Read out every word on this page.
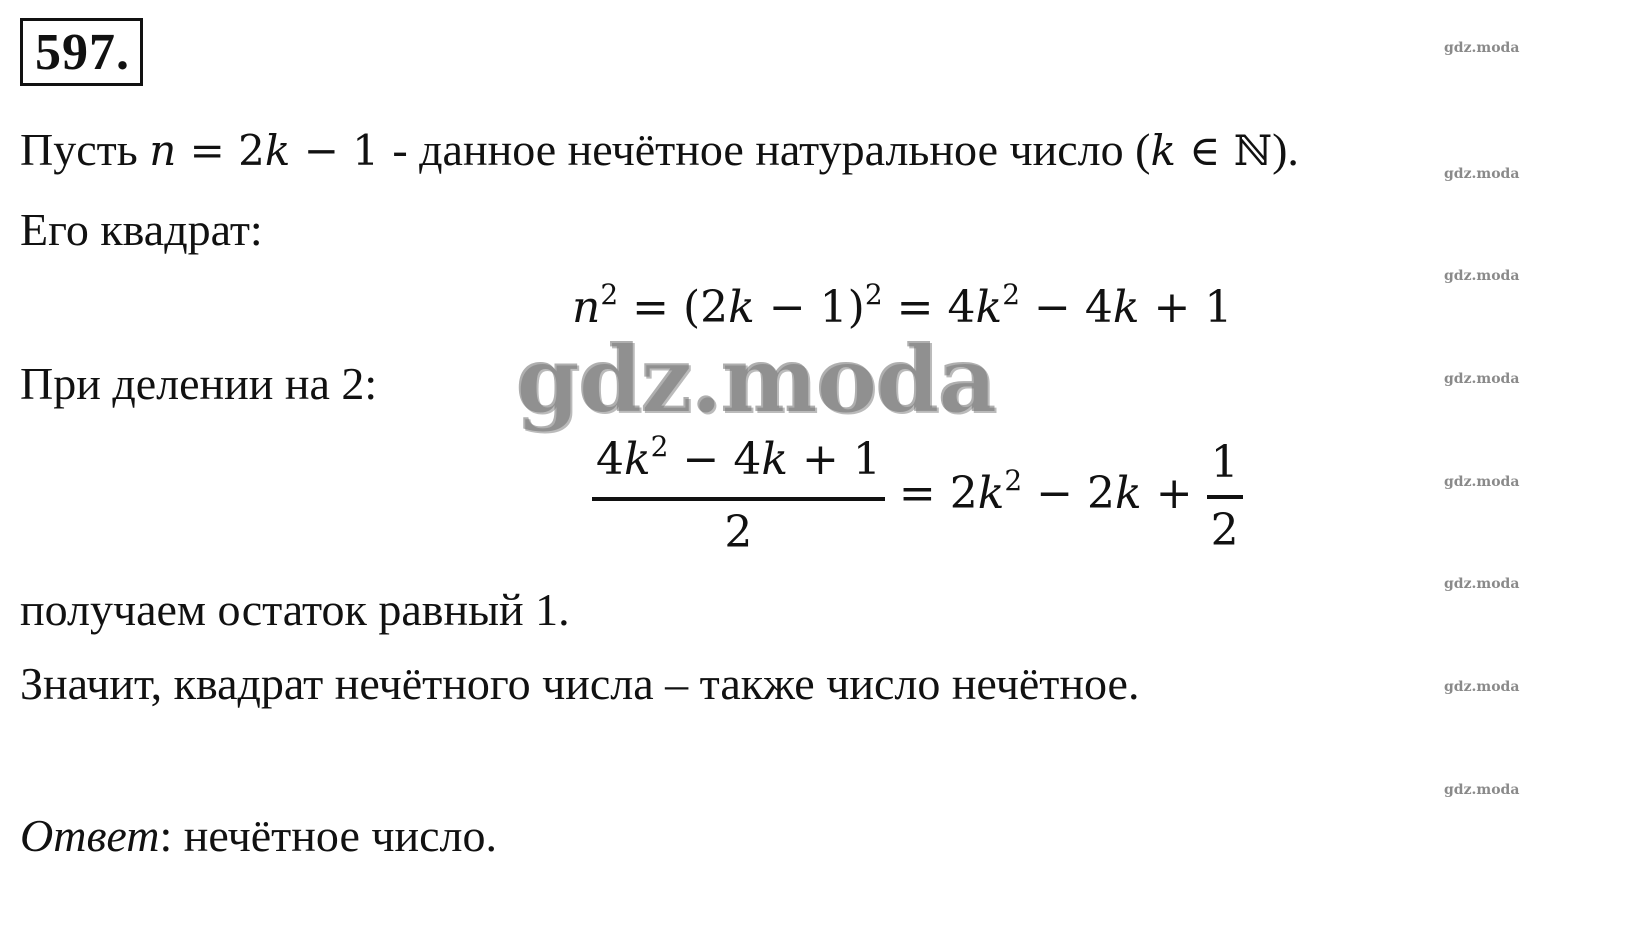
597.
Пусть n = 2k − 1 - данное нечётное натуральное число (k ∈ ℕ).
Его квадрат:
$n^2 = (2k - 1)^2 = 4k^2 - 4k + 1$
При делении на 2:
$\frac{4k^2 - 4k + 1}{2} = 2k^2 - 2k + \frac{1}{2}$
получаем остаток равный 1.
Значит, квадрат нечётного числа – также число нечётное.
Ответ: нечётное число.
gdz.moda
gdz.moda
gdz.moda
gdz.moda
gdz.moda
gdz.moda
gdz.moda
gdz.moda
gdz.moda
